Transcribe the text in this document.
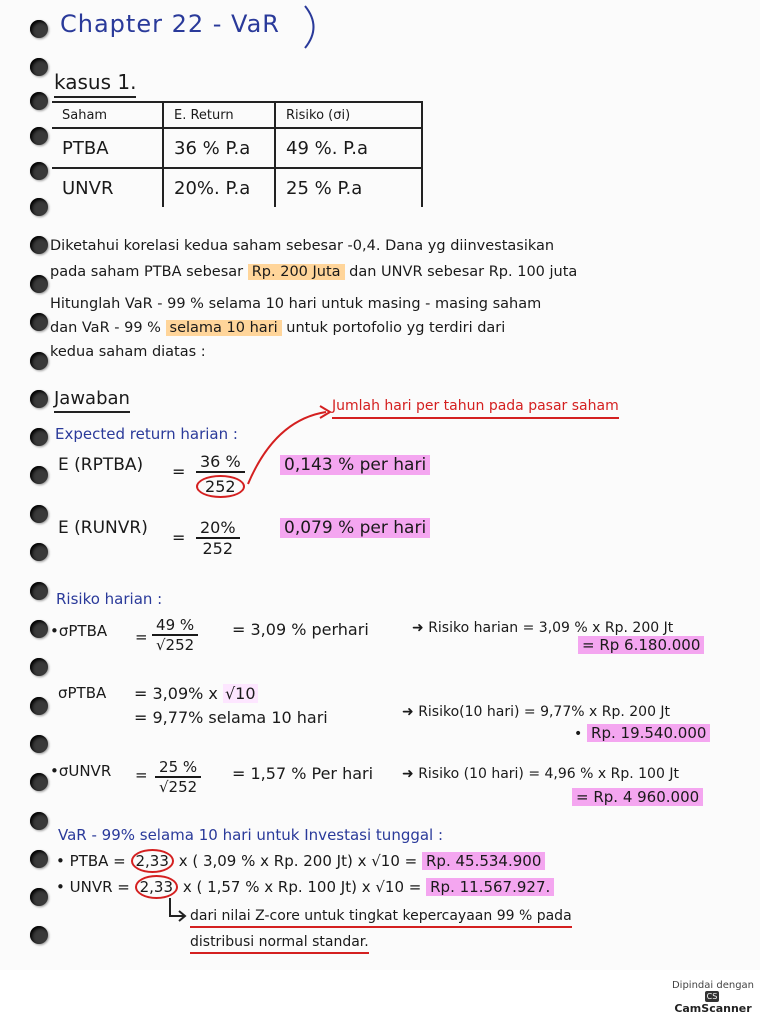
Chapter 22 - VaR
kasus 1.
Saham	E. Return	Risiko (σi)
PTBA	36 % P.a	49 %. P.a
UNVR	20%. P.a	25 % P.a
Diketahui korelasi kedua saham sebesar -0,4. Dana yg diinvestasikan
pada saham PTBA sebesar Rp. 200 Juta dan UNVR sebesar Rp. 100 juta
Hitunglah VaR - 99 % selama 10 hari untuk masing - masing saham
dan VaR - 99 % selama 10 hari untuk portofolio yg terdiri dari
kedua saham diatas :
Jawaban	Jumlah hari per tahun pada pasar saham
Expected return harian :
E (RPTBA) = $\frac{36 \%}{252} 0,143$ % per hari
E (RUNVR) = $\frac{20\%}{252}$	0,079 % per hari
Risiko harian :
•σPTBA = $\frac{49 \%}{√252} = 3,09$ % perhari	➜ Risiko harian = 3,09 % x Rp. 200 Jt
= Rp 6.180.000
σPTBA = 3,09% x √10
= 9,77% selama 10 hari	➜ Risiko(10 hari) = 9,77% x Rp. 200 Jt
• Rp. 19.540.000
•σUNVR = $\frac{25 \%}{√252} = 1,57$ % Per hari ➜ Risiko (10 hari) = 4,96 % x Rp. 100 Jt
= Rp. 4 960.000
VaR - 99% selama 10 hari untuk Investasi tunggal :
• PTBA = 2,33 x ( 3,09 % x Rp. 200 Jt) x √10 = Rp. 45.534.900
• UNVR = 2,33 x ( 1,57 % x Rp. 100 Jt) x √10 = Rp. 11.567.927.
dari nilai Z-core untuk tingkat kepercayaan 99 % pada
distribusi normal standar.
Dipindai dengan
CSCamScanner
